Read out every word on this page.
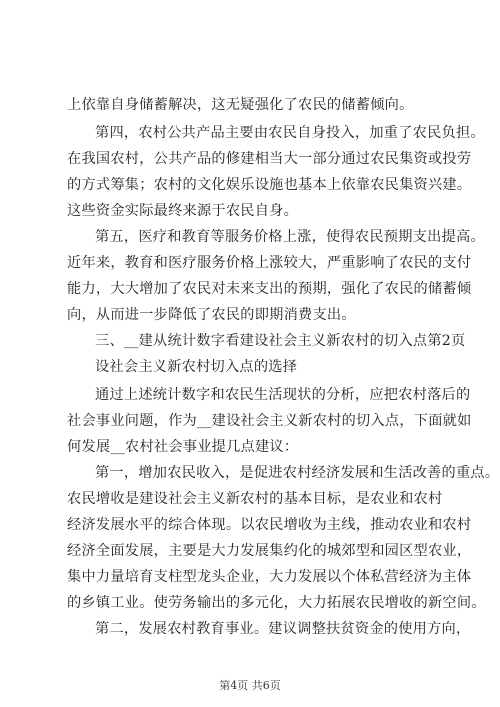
上依靠自身储蓄解决，这无疑强化了农民的储蓄倾向。
第四，农村公共产品主要由农民自身投入，加重了农民负担。
在我国农村，公共产品的修建相当大一部分通过农民集资或投劳
的方式筹集；农村的文化娱乐设施也基本上依靠农民集资兴建。
这些资金实际最终来源于农民自身。
第五，医疗和教育等服务价格上涨，使得农民预期支出提高。
近年来，教育和医疗服务价格上涨较大，严重影响了农民的支付
能力，大大增加了农民对未来支出的预期，强化了农民的储蓄倾
向，从而进一步降低了农民的即期消费支出。
三、__建从统计数字看建设社会主义新农村的切入点第2页
设社会主义新农村切入点的选择
通过上述统计数字和农民生活现状的分析，应把农村落后的
社会事业问题，作为__建设社会主义新农村的切入点，下面就如
何发展__农村社会事业提几点建议：
第一，增加农民收入，是促进农村经济发展和生活改善的重点。
农民增收是建设社会主义新农村的基本目标，是农业和农村
经济发展水平的综合体现。以农民增收为主线，推动农业和农村
经济全面发展，主要是大力发展集约化的城郊型和园区型农业，
集中力量培育支柱型龙头企业，大力发展以个体私营经济为主体
的乡镇工业。使劳务输出的多元化，大力拓展农民增收的新空间。
第二，发展农村教育事业。建议调整扶贫资金的使用方向，
第4页 共6页
